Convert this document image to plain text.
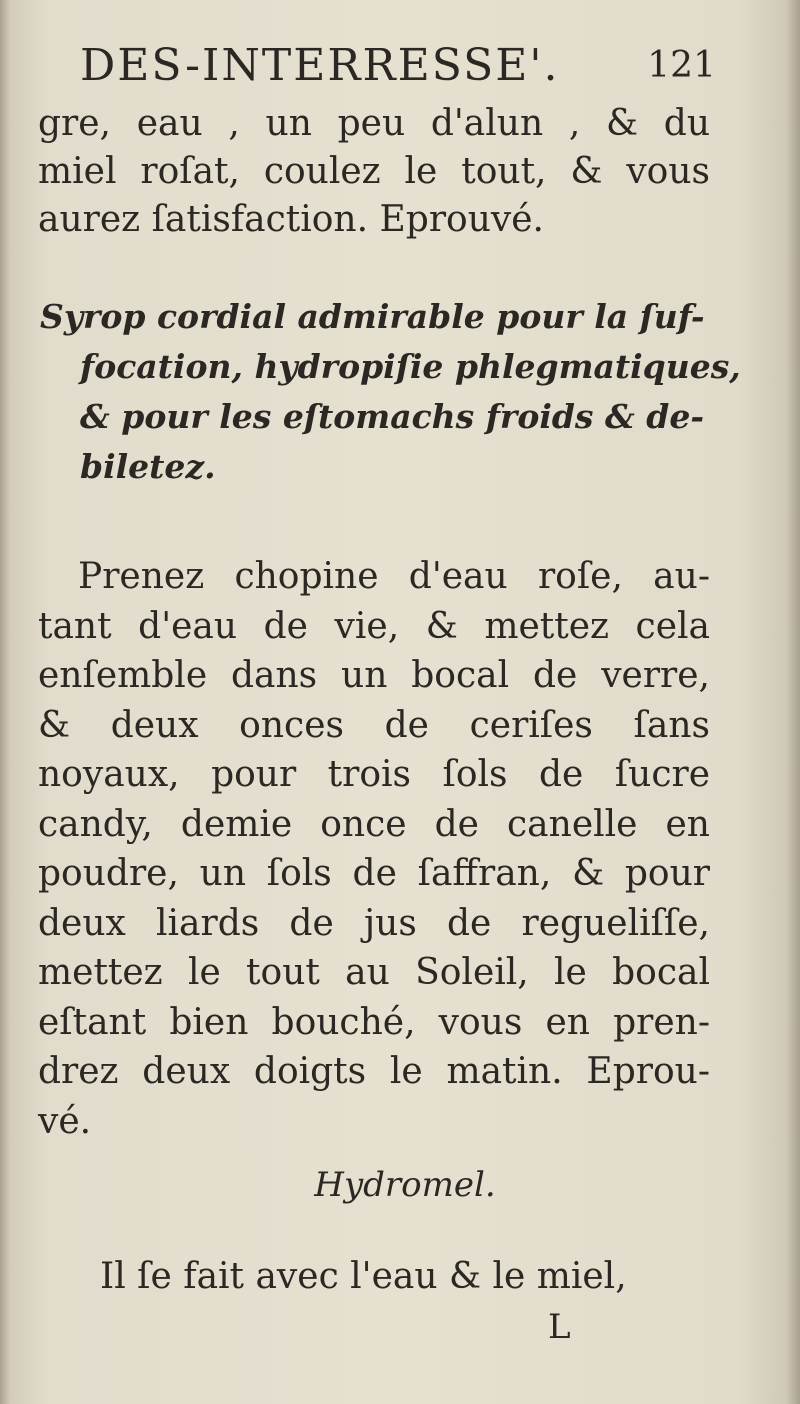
DES-INTERRESSE'. 121
gre, eau , un peu d'alun , & du
miel roſat, coulez le tout, & vous
aurez ſatisfaction. Eprouvé.
Syrop cordial admirable pour la ſuf-
focation, hydropiſie phlegmatiques,
& pour les eſtomachs froids & de-
biletez.
Prenez chopine d'eau roſe, au-
tant d'eau de vie, & mettez cela
enſemble dans un bocal de verre,
& deux onces de ceriſes ſans
noyaux, pour trois ſols de ſucre
candy, demie once de canelle en
poudre, un ſols de ſaffran, & pour
deux liards de jus de regueliſſe,
mettez le tout au Soleil, le bocal
eſtant bien bouché, vous en pren-
drez deux doigts le matin. Eprou-
vé.
Hydromel.
Il ſe fait avec l'eau & le miel,
L
